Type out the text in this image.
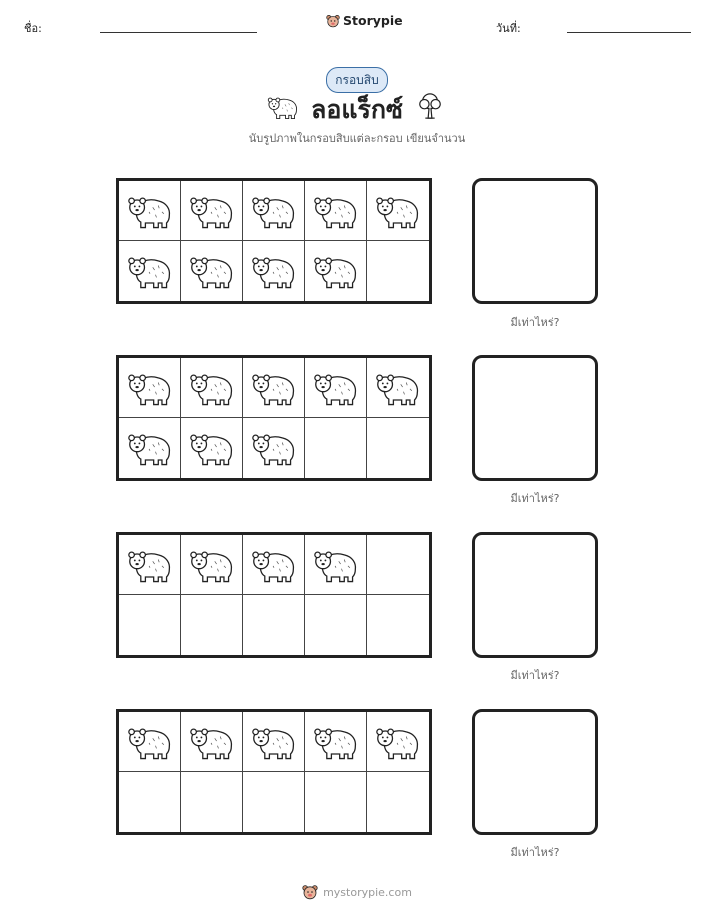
ชื่อ:
Storypie
วันที่:
กรอบสิบ
ลอแร็กซ์
นับรูปภาพในกรอบสิบแต่ละกรอบ เขียนจำนวน
มีเท่าไหร่?
มีเท่าไหร่?
มีเท่าไหร่?
มีเท่าไหร่?
mystorypie.com
